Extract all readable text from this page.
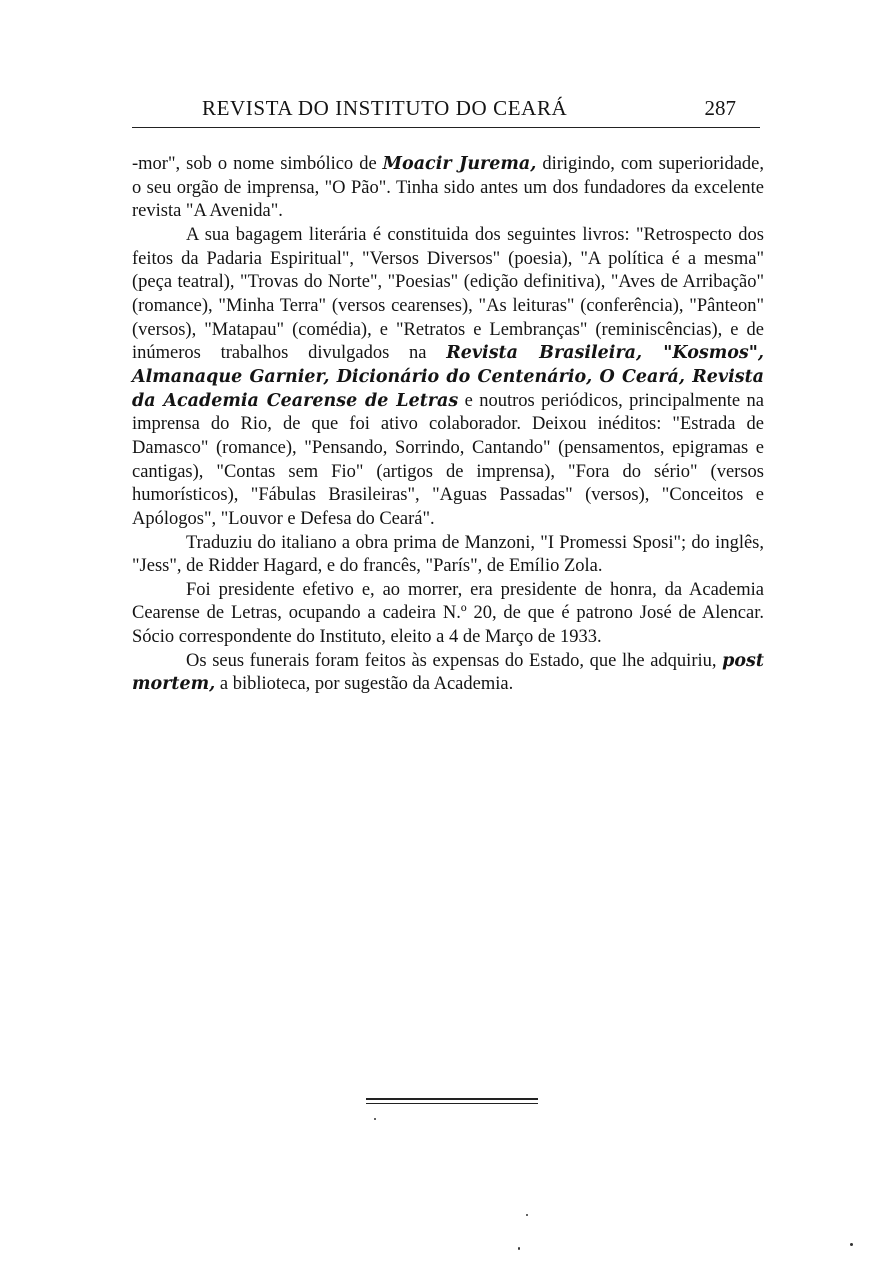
REVISTA DO INSTITUTO DO CEARÁ	287

-mor", sob o nome simbólico de Moacir Jurema, dirigindo, com superioridade, o seu orgão de imprensa, "O Pão". Tinha sido antes um dos fundadores da excelente revista "A Avenida".

A sua bagagem literária é constituida dos seguintes livros: "Retrospecto dos feitos da Padaria Espiritual", "Versos Diversos" (poesia), "A política é a mesma" (peça teatral), "Trovas do Norte", "Poesias" (edição definitiva), "Aves de Arribação" (romance), "Minha Terra" (versos cearenses), "As leituras" (conferência), "Pânteon" (versos), "Matapau" (comédia), e "Retratos e Lembranças" (reminiscências), e de inúmeros trabalhos divulgados na Revista Brasileira, "Kosmos", Almanaque Garnier, Dicionário do Centenário, O Ceará, Revista da Academia Cearense de Letras e noutros periódicos, principalmente na imprensa do Rio, de que foi ativo colaborador. Deixou inéditos: "Estrada de Damasco" (romance), "Pensando, Sorrindo, Cantando" (pensamentos, epigramas e cantigas), "Contas sem Fio" (artigos de imprensa), "Fora do sério" (versos humorísticos), "Fábulas Brasileiras", "Aguas Passadas" (versos), "Conceitos e Apólogos", "Louvor e Defesa do Ceará".

Traduziu do italiano a obra prima de Manzoni, "I Promessi Sposi"; do inglês, "Jess", de Ridder Hagard, e do francês, "París", de Emílio Zola.

Foi presidente efetivo e, ao morrer, era presidente de honra, da Academia Cearense de Letras, ocupando a cadeira N.º 20, de que é patrono José de Alencar. Sócio correspondente do Instituto, eleito a 4 de Março de 1933.

Os seus funerais foram feitos às expensas do Estado, que lhe adquiriu, post mortem, a biblioteca, por sugestão da Academia.
